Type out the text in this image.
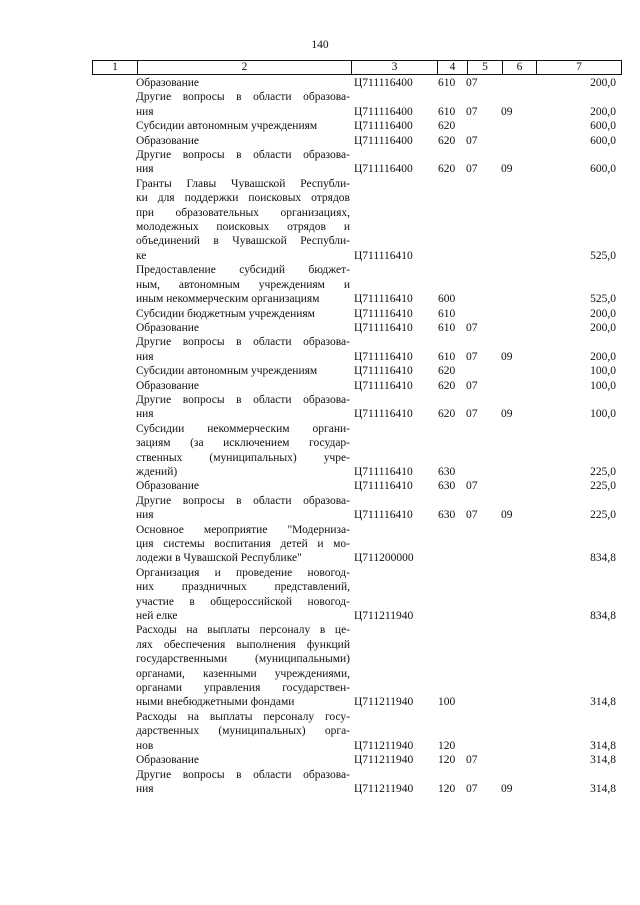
140
1	2	3	4	5	6	7
Образование	Ц711116400	610 07	200,0
Другие вопросы в области образова-
ния	Ц711116400	610 07	09	200,0
Субсидии автономным учреждениям	Ц711116400	620	600,0
Образование	Ц711116400	620 07	600,0
Другие вопросы в области образова-
ния	Ц711116400	620 07	09	600,0
Гранты Главы Чувашской Республи-
ки для поддержки поисковых отрядов
при образовательных организациях,
молодежных поисковых отрядов и
объединений в Чувашской Республи-
ке	Ц711116410	525,0
Предоставление субсидий бюджет-
ным, автономным учреждениям и
иным некоммерческим организациям	Ц711116410	600	525,0
Субсидии бюджетным учреждениям	Ц711116410	610	200,0
Образование	Ц711116410	610 07	200,0
Другие вопросы в области образова-
ния	Ц711116410	610 07	09	200,0
Субсидии автономным учреждениям	Ц711116410	620	100,0
Образование	Ц711116410	620 07	100,0
Другие вопросы в области образова-
ния	Ц711116410	620 07	09	100,0
Субсидии некоммерческим органи-
зациям (за исключением государ-
ственных (муниципальных) учре-
ждений)	Ц711116410	630	225,0
Образование	Ц711116410	630 07	225,0
Другие вопросы в области образова-
ния	Ц711116410	630 07	09	225,0
Основное мероприятие "Модерниза-
ция системы воспитания детей и мо-
лодежи в Чувашской Республике"	Ц711200000	834,8
Организация и проведение новогод-
них праздничных представлений,
участие в общероссийской новогод-
ней елке	Ц711211940	834,8
Расходы на выплаты персоналу в це-
лях обеспечения выполнения функций
государственными (муниципальными)
органами, казенными учреждениями,
органами управления государствен-
ными внебюджетными фондами	Ц711211940	100	314,8
Расходы на выплаты персоналу госу-
дарственных (муниципальных) орга-
нов	Ц711211940	120	314,8
Образование	Ц711211940	120 07	314,8
Другие вопросы в области образова-
ния	Ц711211940	120 07	09	314,8
